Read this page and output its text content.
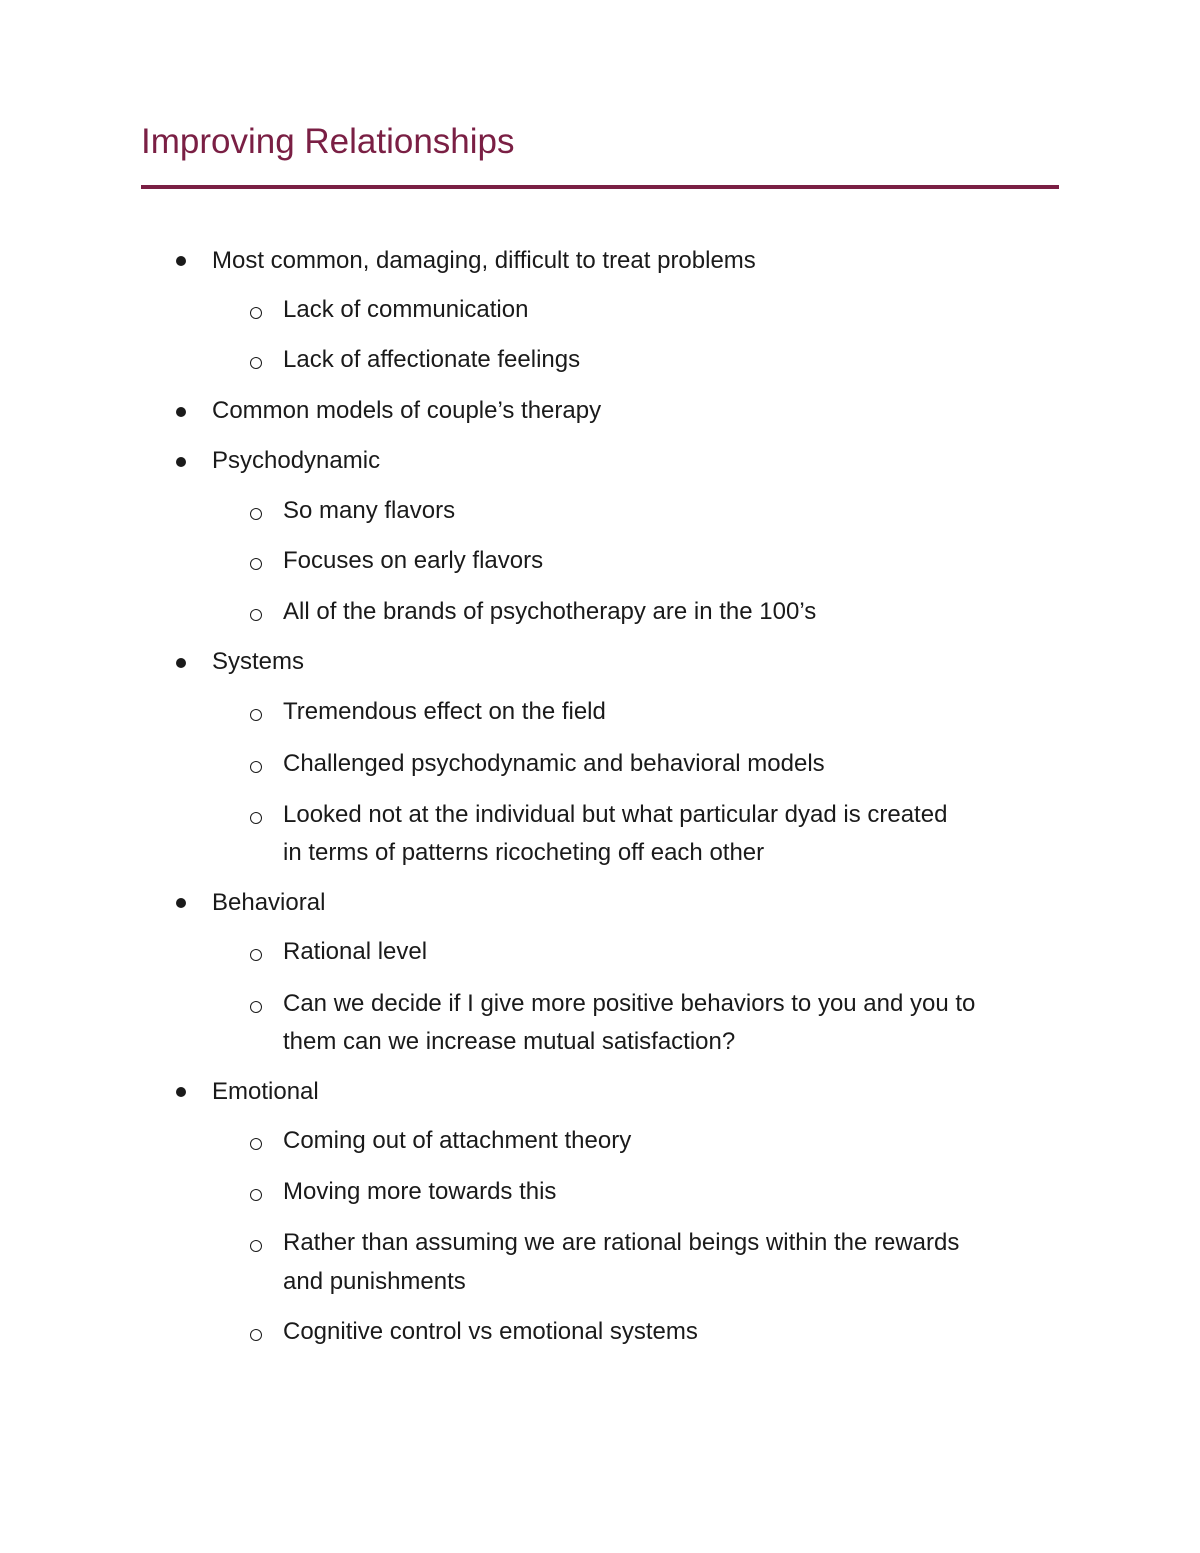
Improving Relationships
Most common, damaging, difficult to treat problems
Lack of communication
Lack of affectionate feelings
Common models of couple’s therapy
Psychodynamic
So many flavors
Focuses on early flavors
All of the brands of psychotherapy are in the 100’s
Systems
Tremendous effect on the field
Challenged psychodynamic and behavioral models
Looked not at the individual but what particular dyad is created
in terms of patterns ricocheting off each other
Behavioral
Rational level
Can we decide if I give more positive behaviors to you and you to
them can we increase mutual satisfaction?
Emotional
Coming out of attachment theory
Moving more towards this
Rather than assuming we are rational beings within the rewards
and punishments
Cognitive control vs emotional systems
